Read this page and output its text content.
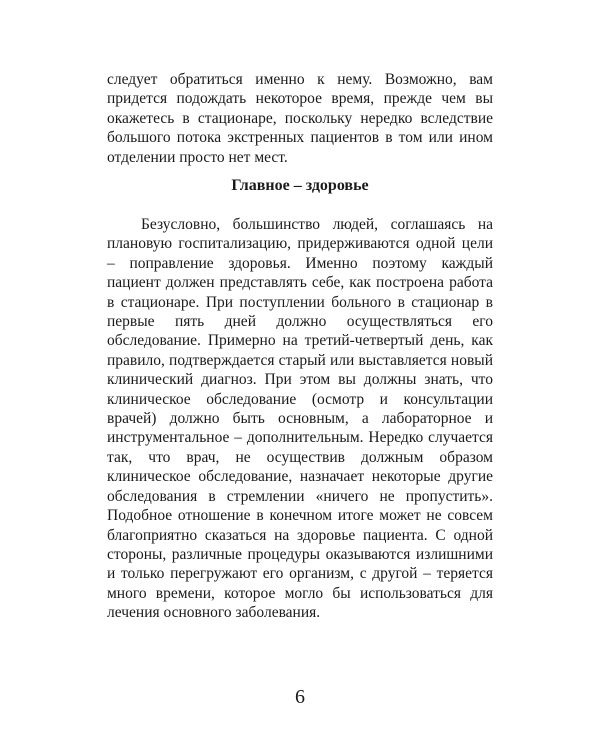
следует обратиться именно к нему. Возможно, вам придется подождать некоторое время, прежде чем вы окажетесь в стационаре, поскольку нередко вследствие большого потока экстренных пациентов в том или ином отделении просто нет мест.

Главное – здоровье

Безусловно, большинство людей, соглашаясь на плановую госпитализацию, придерживаются одной цели – поправление здоровья. Именно поэтому каждый пациент должен представлять себе, как построена работа в стационаре. При поступлении больного в стационар в первые пять дней должно осуществляться его обследование. Примерно на третий-четвертый день, как правило, подтверждается старый или выставляется новый клинический диагноз. При этом вы должны знать, что клиническое обследование (осмотр и консультации врачей) должно быть основным, а лабораторное и инструментальное – дополнительным. Нередко случается так, что врач, не осуществив должным образом клиническое обследование, назначает некоторые другие обследования в стремлении «ничего не пропустить». Подобное отношение в конечном итоге может не совсем благоприятно сказаться на здоровье пациента. С одной стороны, различные процедуры оказываются излишними и только перегружают его организм, с другой – теряется много времени, которое могло бы использоваться для лечения основного заболевания.

6
